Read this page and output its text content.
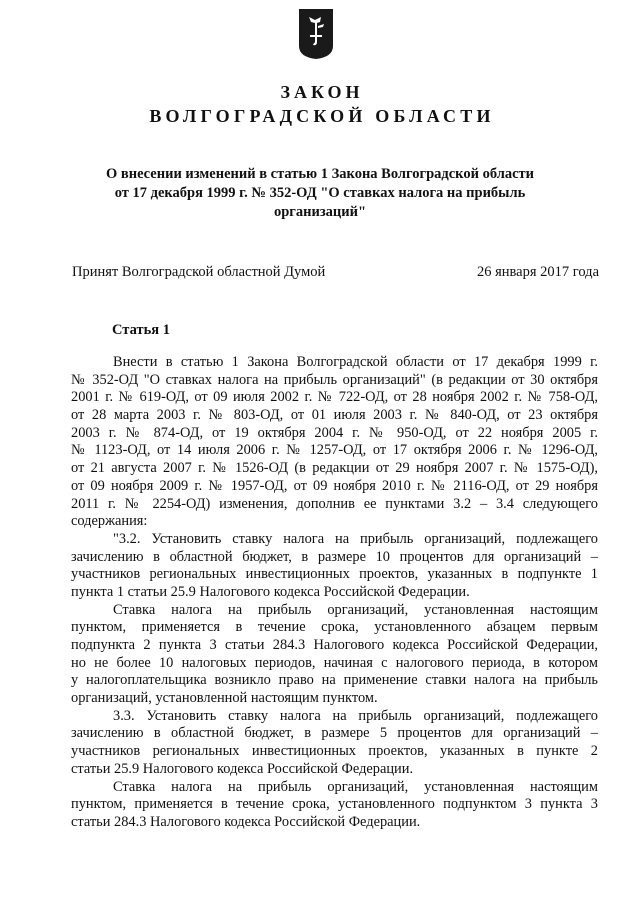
ЗАКОН
ВОЛГОГРАДСКОЙ ОБЛАСТИ
О внесении изменений в статью 1 Закона Волгоградской области
от 17 декабря 1999 г. № 352-ОД "О ставках налога на прибыль
организаций"
Принят Волгоградской областной Думой	26 января 2017 года
Статья 1
Внести в статью 1 Закона Волгоградской области от 17 декабря 1999 г.
№ 352-ОД "О ставках налога на прибыль организаций" (в редакции от 30 октября
2001 г. № 619-ОД, от 09 июля 2002 г. № 722-ОД, от 28 ноября 2002 г. № 758-ОД,
от 28 марта 2003 г. № 803-ОД, от 01 июля 2003 г. № 840-ОД, от 23 октября
2003 г. № 874-ОД, от 19 октября 2004 г. № 950-ОД, от 22 ноября 2005 г.
№ 1123-ОД, от 14 июля 2006 г. № 1257-ОД, от 17 октября 2006 г. № 1296-ОД,
от 21 августа 2007 г. № 1526-ОД (в редакции от 29 ноября 2007 г. № 1575-ОД),
от 09 ноября 2009 г. № 1957-ОД, от 09 ноября 2010 г. № 2116-ОД, от 29 ноября
2011 г. № 2254-ОД) изменения, дополнив ее пунктами 3.2 – 3.4 следующего
содержания:
"3.2. Установить ставку налога на прибыль организаций, подлежащего
зачислению в областной бюджет, в размере 10 процентов для организаций –
участников региональных инвестиционных проектов, указанных в подпункте 1
пункта 1 статьи 25.9 Налогового кодекса Российской Федерации.
Ставка налога на прибыль организаций, установленная настоящим
пунктом, применяется в течение срока, установленного абзацем первым
подпункта 2 пункта 3 статьи 284.3 Налогового кодекса Российской Федерации,
но не более 10 налоговых периодов, начиная с налогового периода, в котором
у налогоплательщика возникло право на применение ставки налога на прибыль
организаций, установленной настоящим пунктом.
3.3. Установить ставку налога на прибыль организаций, подлежащего
зачислению в областной бюджет, в размере 5 процентов для организаций –
участников региональных инвестиционных проектов, указанных в пункте 2
статьи 25.9 Налогового кодекса Российской Федерации.
Ставка налога на прибыль организаций, установленная настоящим
пунктом, применяется в течение срока, установленного подпунктом 3 пункта 3
статьи 284.3 Налогового кодекса Российской Федерации.
